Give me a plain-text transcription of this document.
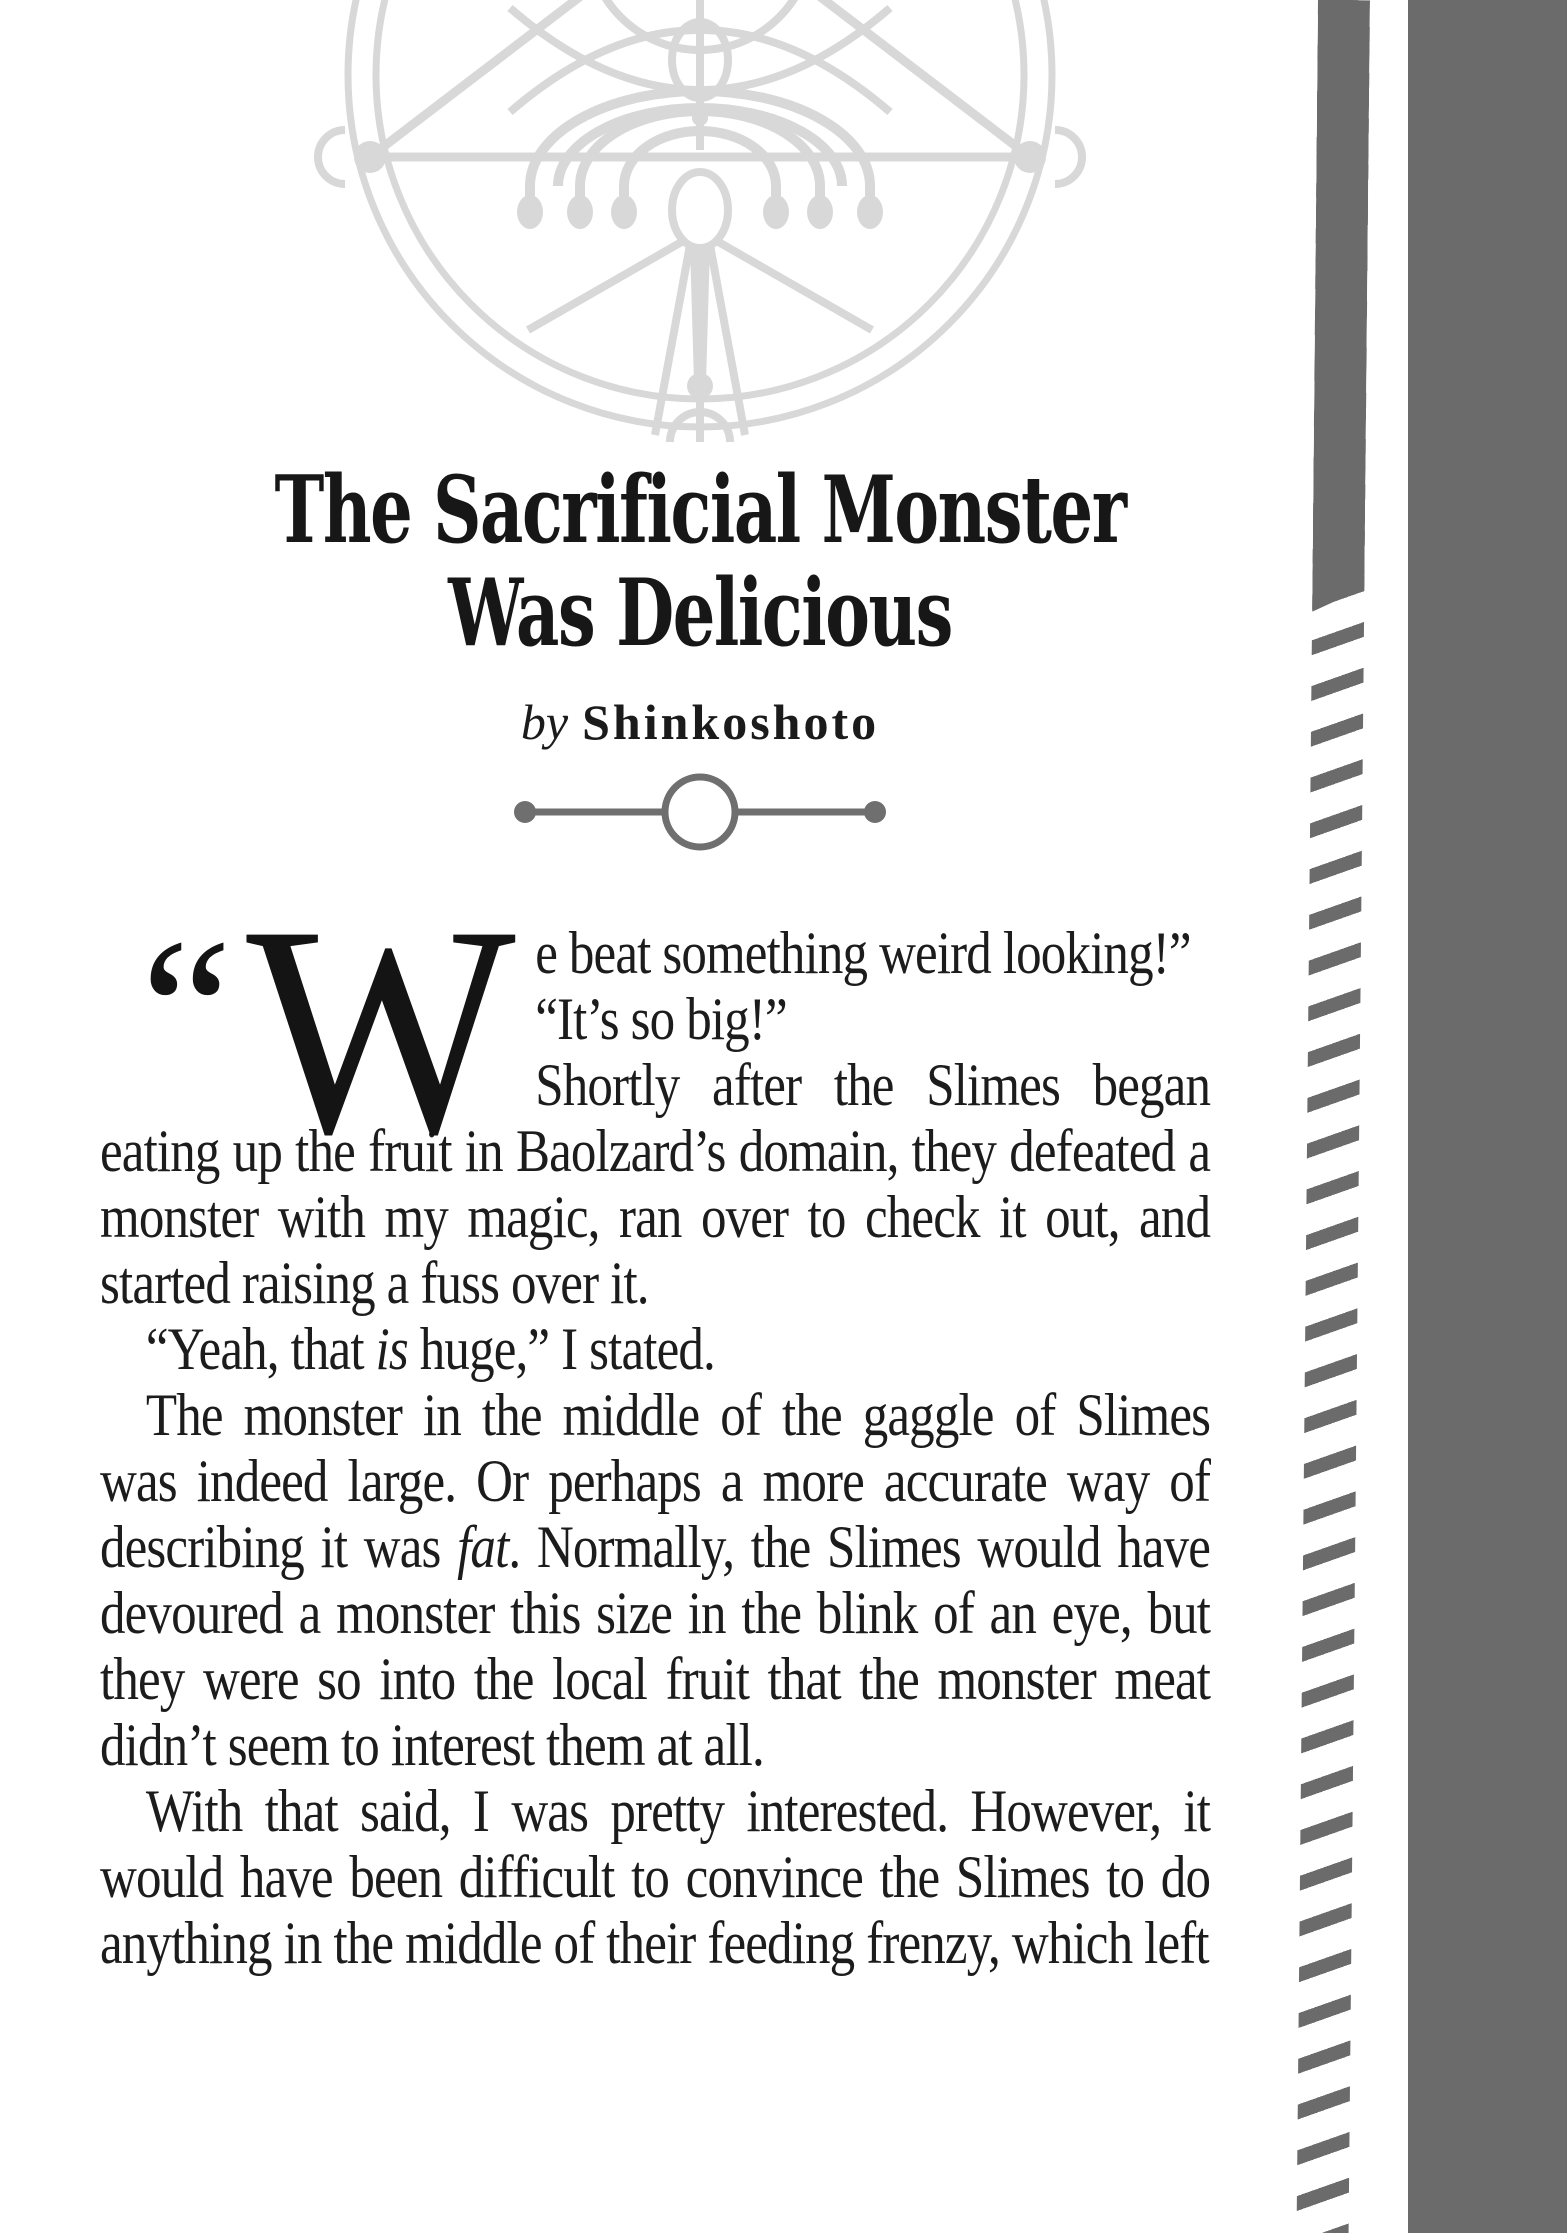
The Sacrificial Monster
Was Delicious
by Shinkoshoto
“ W e beat something weird looking!”

“It’s so big!”

Shortly after the Slimes began eating up the fruit in Baolzard’s domain, they defeated a monster with my magic, ran over to check it out, and started raising a fuss over it.

“Yeah, that is huge,” I stated.

The monster in the middle of the gaggle of Slimes was indeed large. Or perhaps a more accurate way of describing it was fat. Normally, the Slimes would have devoured a monster this size in the blink of an eye, but they were so into the local fruit that the monster meat didn’t seem to interest them at all.

With that said, I was pretty interested. However, it would have been difficult to convince the Slimes to do anything in the middle of their feeding frenzy, which left
